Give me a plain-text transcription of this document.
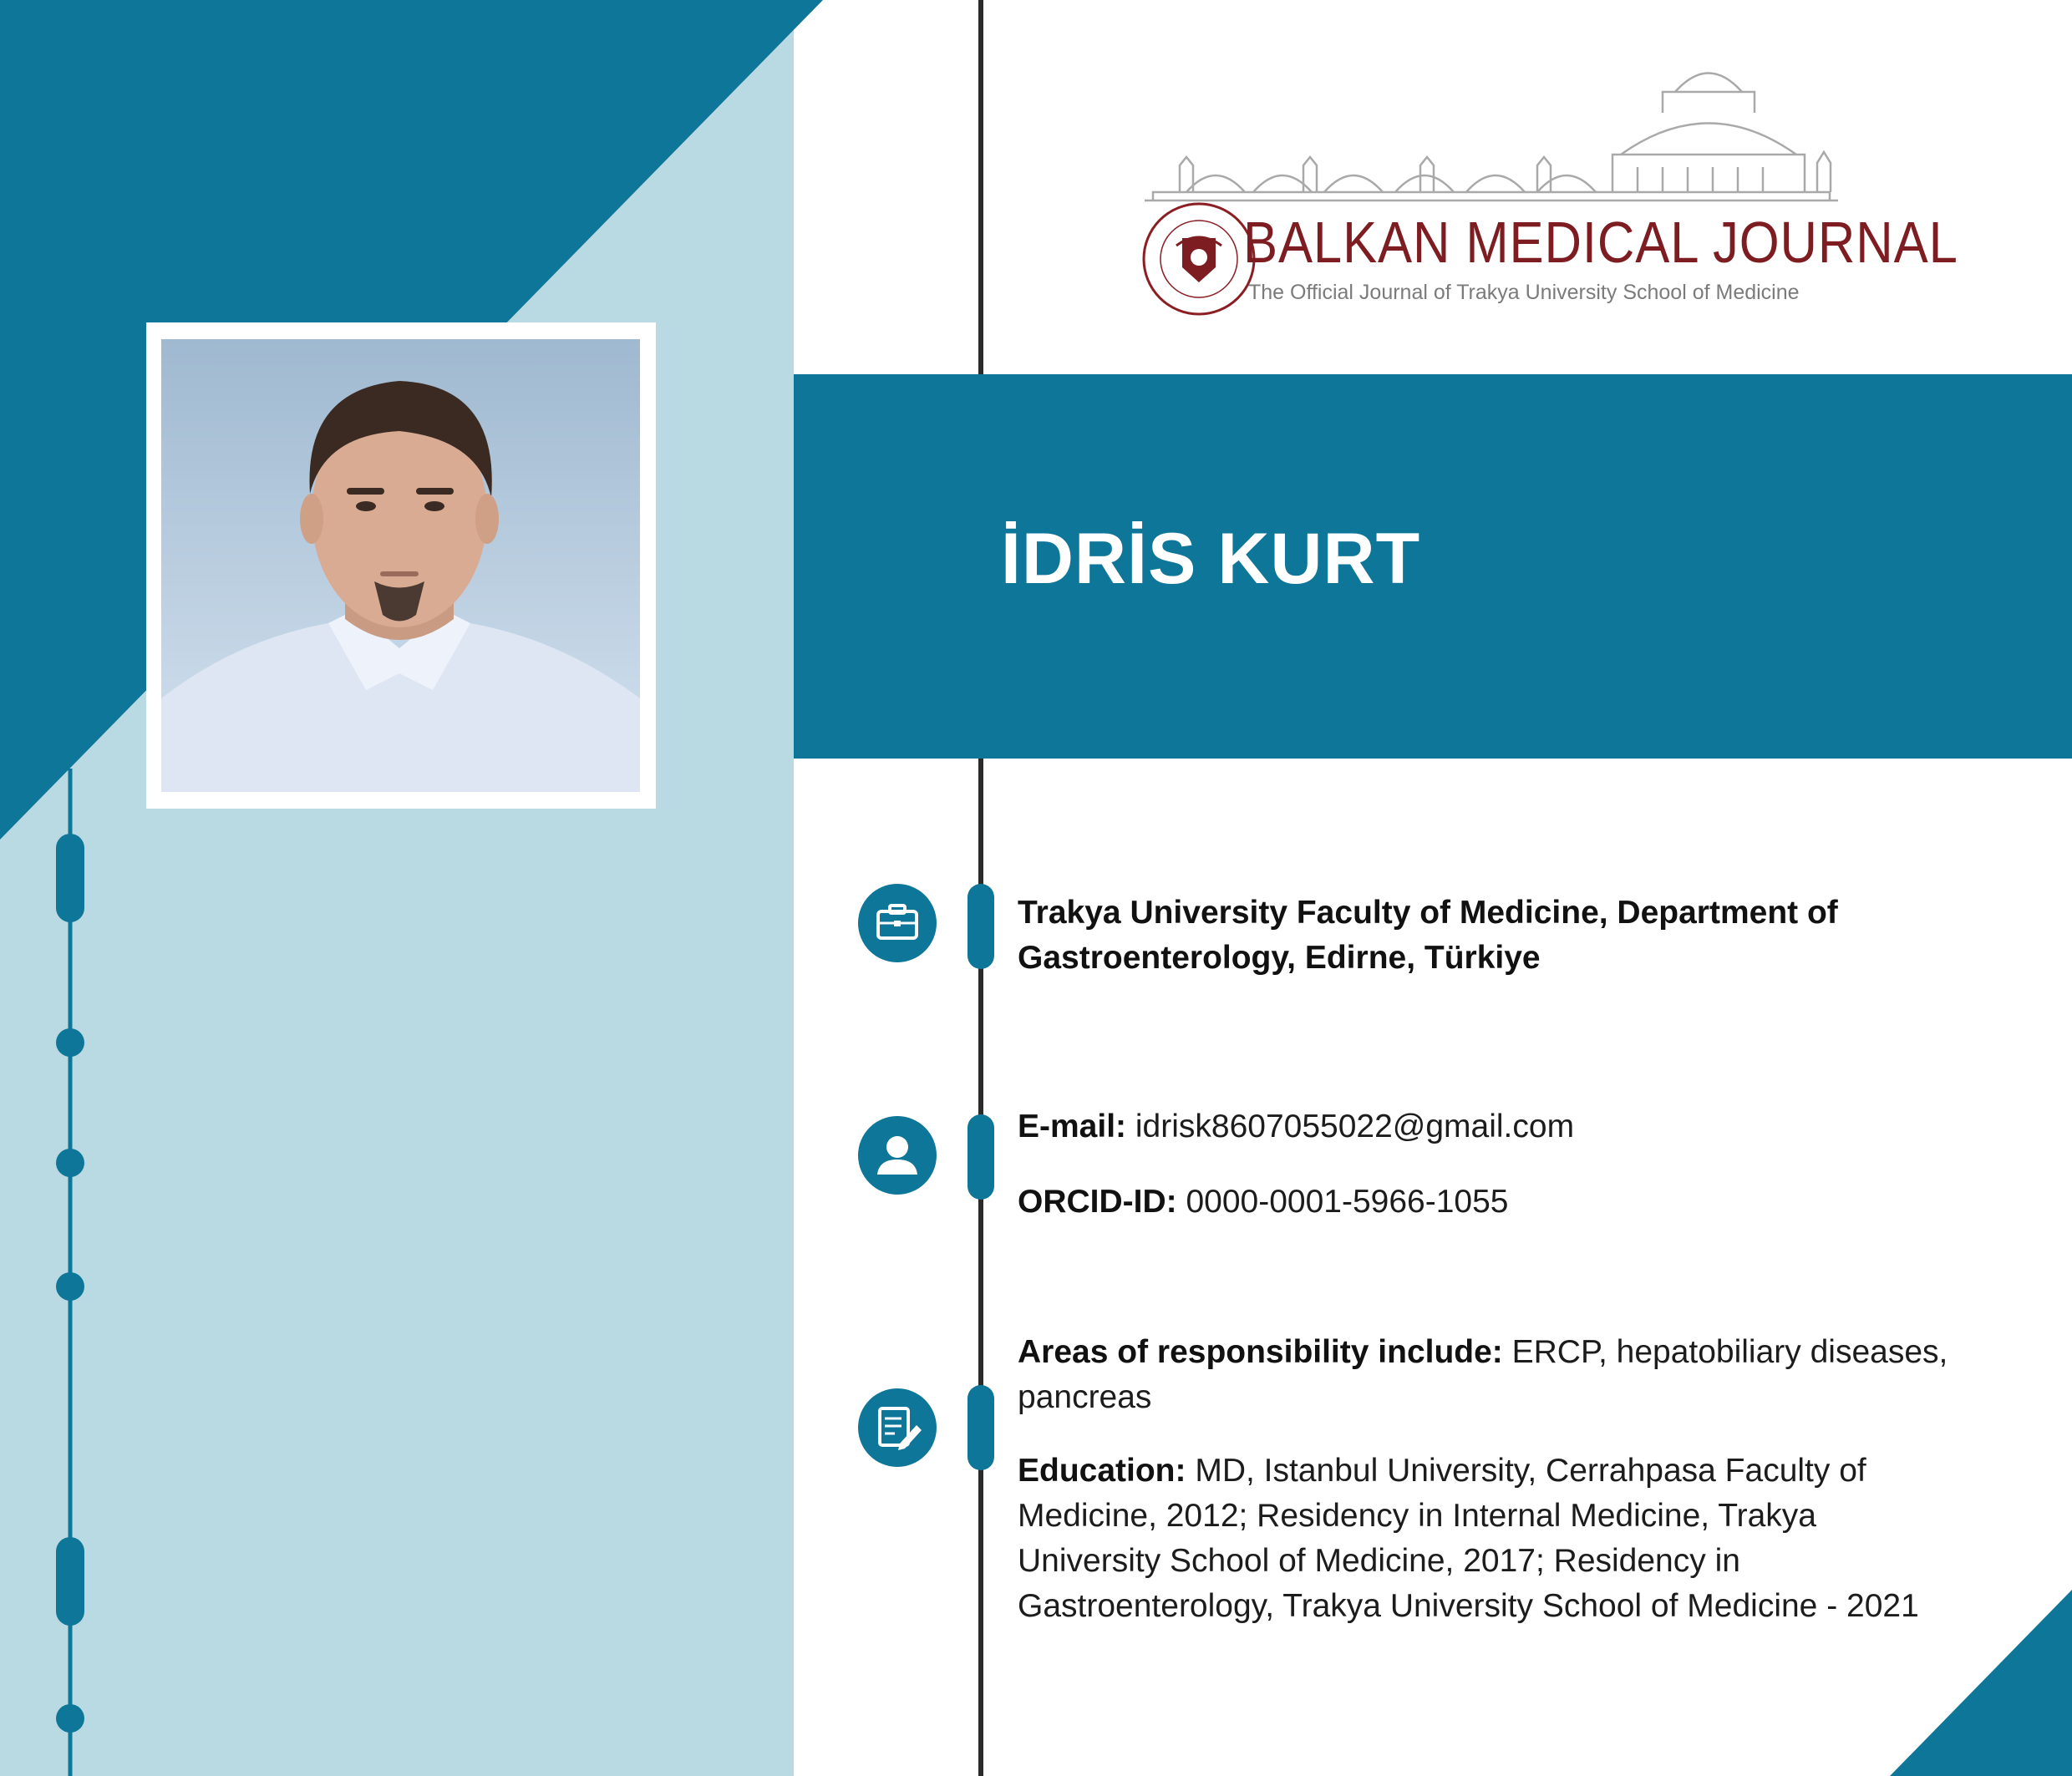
BALKAN MEDICAL JOURNAL
The Official Journal of Trakya University School of Medicine
İDRİS KURT
Trakya University Faculty of Medicine, Department of Gastroenterology, Edirne, Türkiye
E-mail: idrisk8607055022@gmail.com
ORCID-ID: 0000-0001-5966-1055
Areas of responsibility include: ERCP, hepatobiliary diseases, pancreas
Education: MD, Istanbul University, Cerrahpasa Faculty of Medicine, 2012; Residency in Internal Medicine, Trakya University School of Medicine, 2017; Residency in Gastroenterology, Trakya University School of Medicine - 2021
